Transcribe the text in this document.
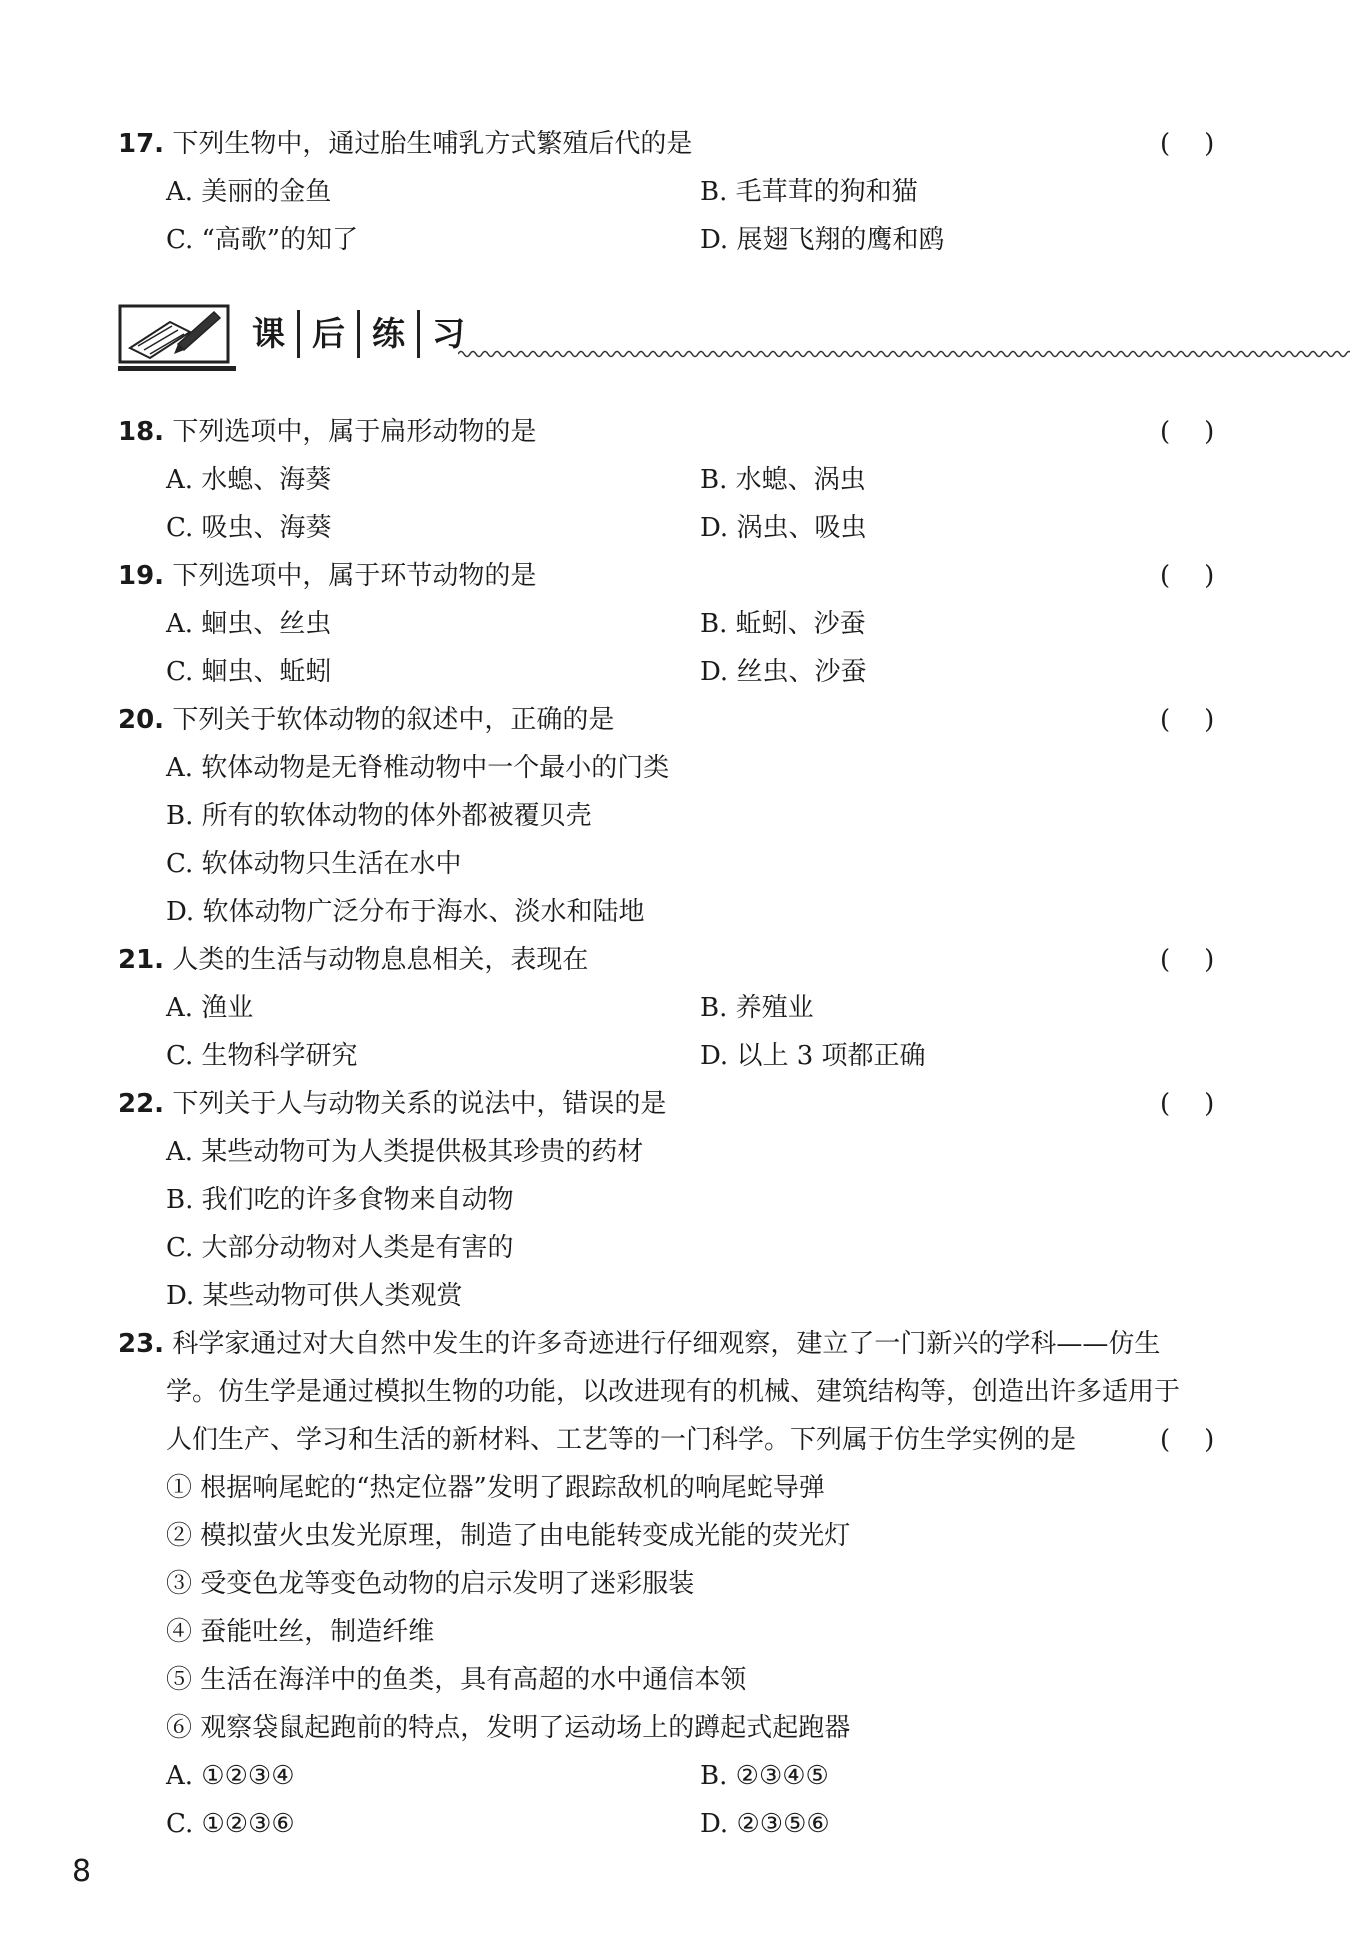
17. 下列生物中，通过胎生哺乳方式繁殖后代的是	()
A. 美丽的金鱼	B. 毛茸茸的狗和猫
C. “高歌”的知了	D. 展翅飞翔的鹰和鸥
课 后 练 习
18. 下列选项中，属于扁形动物的是	()
A. 水螅、海葵	B. 水螅、涡虫
C. 吸虫、海葵	D. 涡虫、吸虫
19. 下列选项中，属于环节动物的是	()
A. 蛔虫、丝虫	B. 蚯蚓、沙蚕
C. 蛔虫、蚯蚓	D. 丝虫、沙蚕
20. 下列关于软体动物的叙述中，正确的是	()
A. 软体动物是无脊椎动物中一个最小的门类
B. 所有的软体动物的体外都被覆贝壳
C. 软体动物只生活在水中
D. 软体动物广泛分布于海水、淡水和陆地
21. 人类的生活与动物息息相关，表现在	()
A. 渔业	B. 养殖业
C. 生物科学研究	D. 以上 3 项都正确
22. 下列关于人与动物关系的说法中，错误的是	()
A. 某些动物可为人类提供极其珍贵的药材
B. 我们吃的许多食物来自动物
C. 大部分动物对人类是有害的
D. 某些动物可供人类观赏
23. 科学家通过对大自然中发生的许多奇迹进行仔细观察，建立了一门新兴的学科——仿生
学。仿生学是通过模拟生物的功能，以改进现有的机械、建筑结构等，创造出许多适用于
人们生产、学习和生活的新材料、工艺等的一门科学。下列属于仿生学实例的是	()
① 根据响尾蛇的“热定位器”发明了跟踪敌机的响尾蛇导弹
② 模拟萤火虫发光原理，制造了由电能转变成光能的荧光灯
③ 受变色龙等变色动物的启示发明了迷彩服装
④ 蚕能吐丝，制造纤维
⑤ 生活在海洋中的鱼类，具有高超的水中通信本领
⑥ 观察袋鼠起跑前的特点，发明了运动场上的蹲起式起跑器
A. ①②③④	B. ②③④⑤
C. ①②③⑥	D. ②③⑤⑥
8
